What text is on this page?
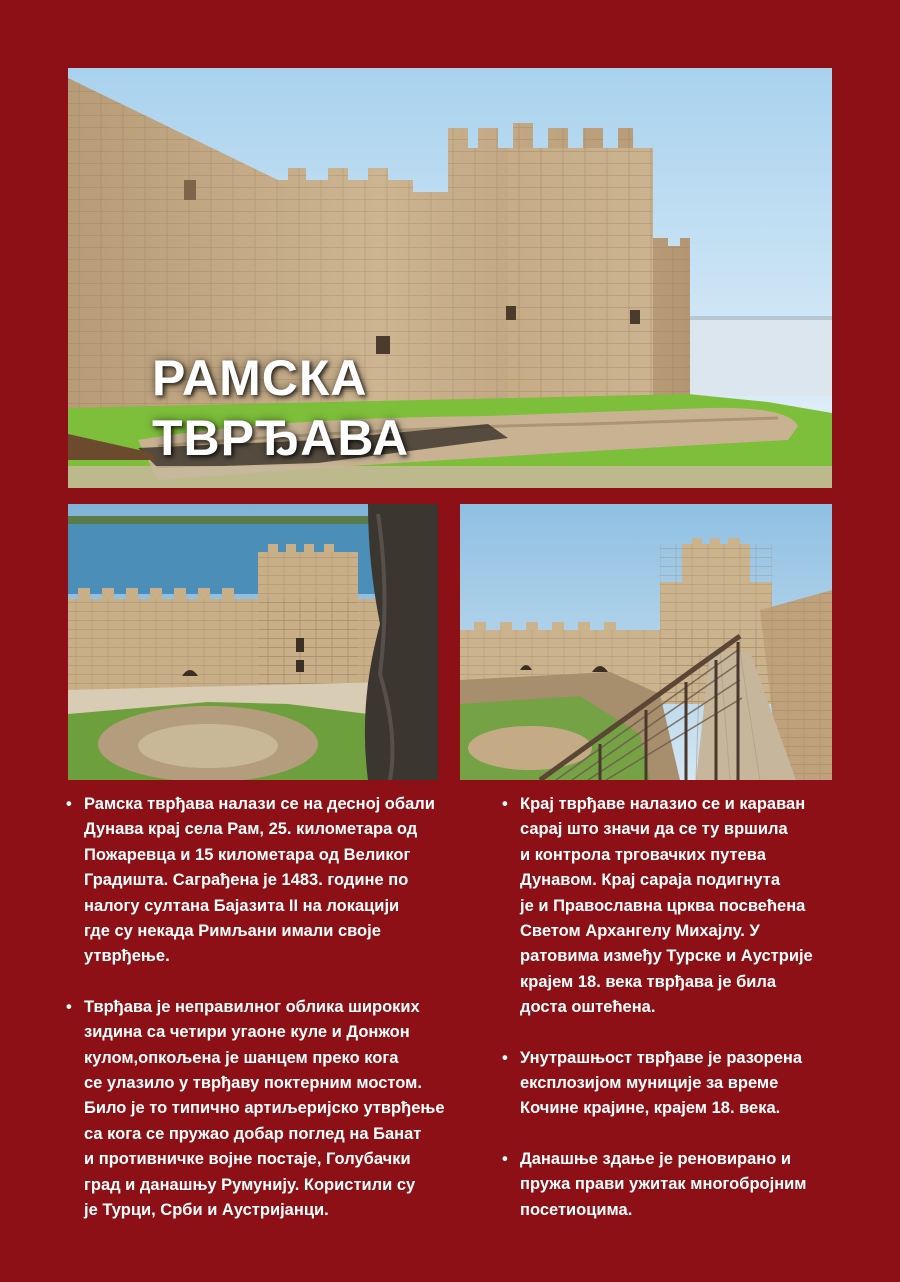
РАМСКА
ТВРЂАВА
• Рамска тврђава налази се на десној обали
Дунава крај села Рам, 25. километара од
Пожаревца и 15 километара од Великог
Градишта. Саграђена је 1483. године по
налогу султана Бајазита II на локацији
где су некада Римљани имали своје
утврђење.

• Тврђава је неправилног облика широких
зидина са четири угаоне куле и Донжон
кулом,опкољена је шанцем преко кога
се улазило у тврђаву поктерним мостом.
Било је то типично артиљеријско утврђење
са кога се пружао добар поглед на Банат
и противничке војне постаје, Голубачки
град и данашњу Румунију. Користили су
је Турци, Срби и Аустријанци.

• Крај тврђаве налазио се и караван
сарај што значи да се ту вршила
и контрола трговачких путева
Дунавом. Крај сараја подигнута
је и Православна црква посвећена
Светом Архангелу Михајлу. У
ратовима између Турске и Аустрије
крајем 18. века тврђава је била
доста оштећена.

• Унутрашњост тврђаве је разорена
експлозијом муниције за време
Кочине крајине, крајем 18. века.

• Данашње здање је реновирано и
пружа прави ужитак многобројним
посетиоцима.
